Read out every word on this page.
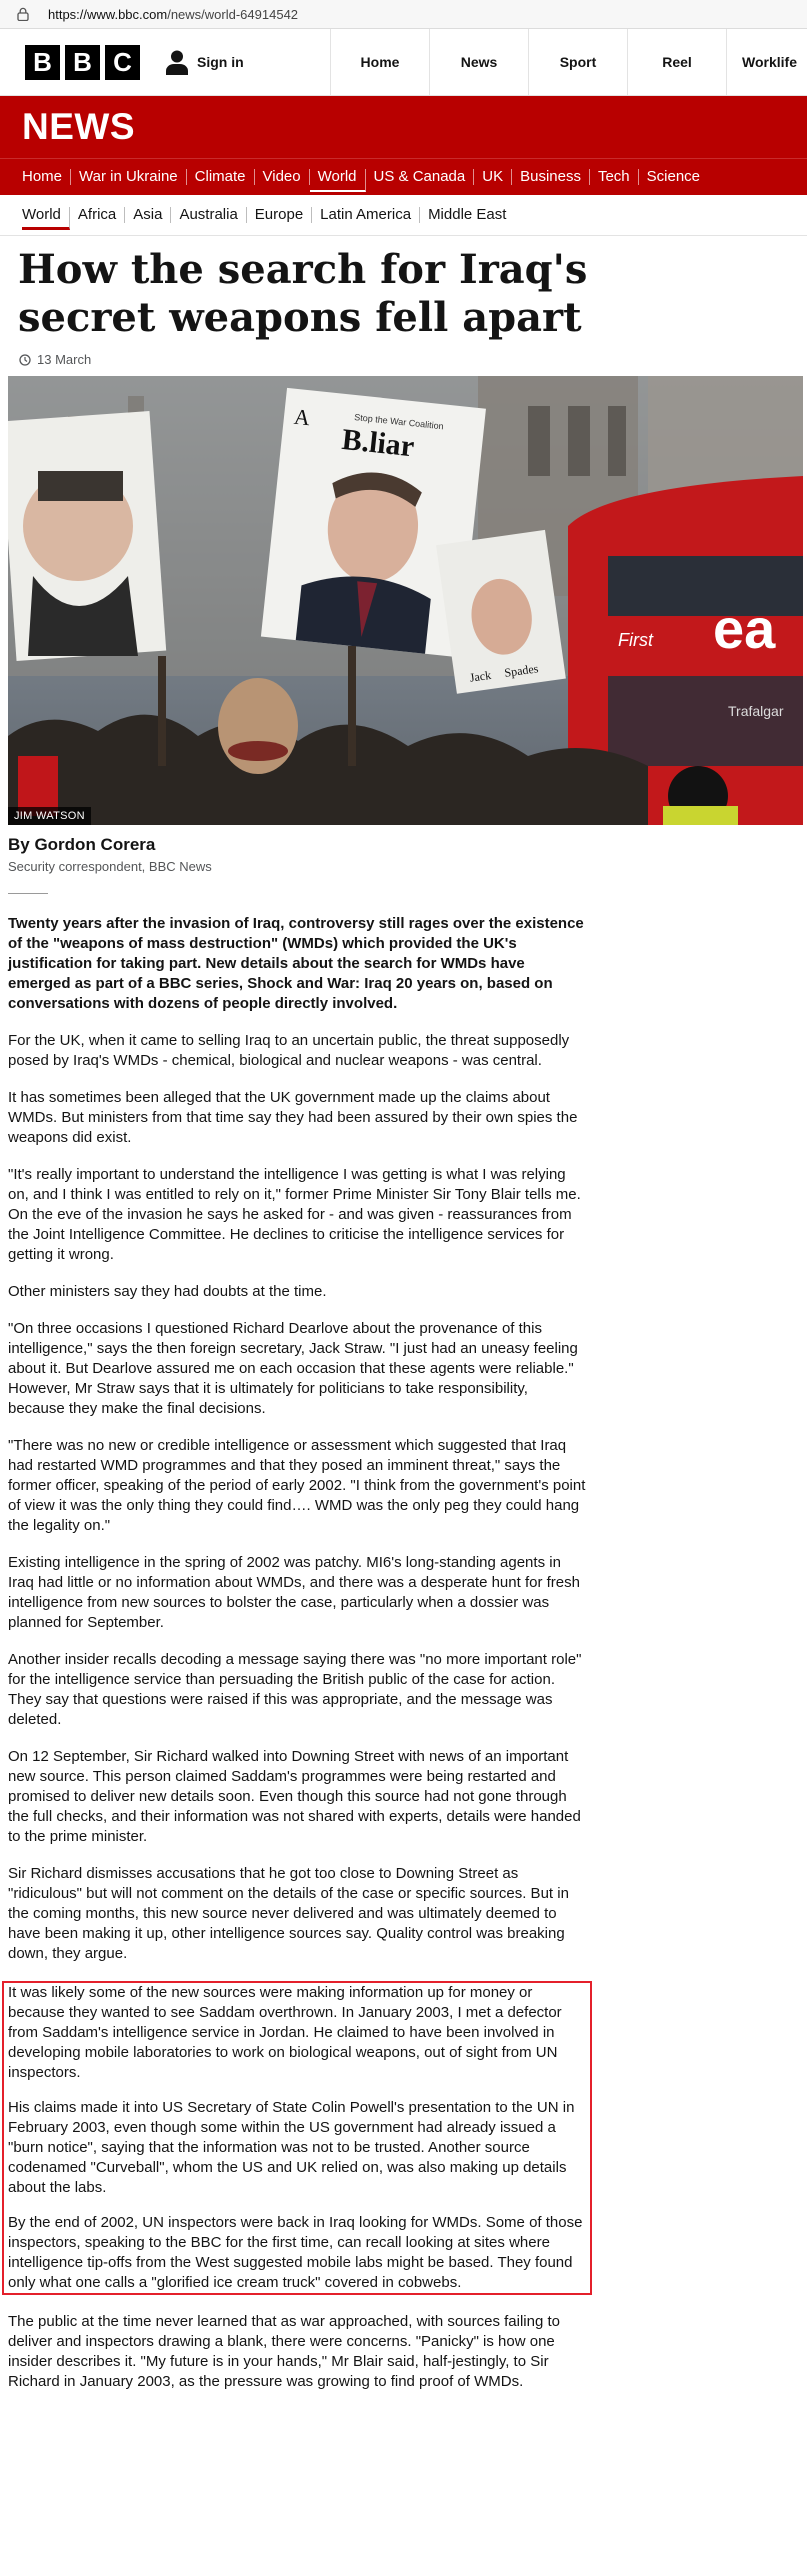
https://www.bbc.com /news/world-64914542
B B C	Sign in	Home	News	Sport	Reel	Worklife
NEWS
Home	War in Ukraine	Climate	Video	World	US & Canada	UK	Business	Tech	Science
World	Africa	Asia	Australia	Europe	Latin America	Middle East
How the search for Iraq's secret weapons fell apart
13 March
Stop the War Coalition
B.liar
A
Jack Spades
First ea
Trafalgar
JIM WATSON
By Gordon Corera
Security correspondent, BBC News

Twenty years after the invasion of Iraq, controversy still rages over the existence of the "weapons of mass destruction" (WMDs) which provided the UK's justification for taking part. New details about the search for WMDs have emerged as part of a BBC series, Shock and War: Iraq 20 years on, based on conversations with dozens of people directly involved.

For the UK, when it came to selling Iraq to an uncertain public, the threat supposedly posed by Iraq's WMDs - chemical, biological and nuclear weapons - was central.

It has sometimes been alleged that the UK government made up the claims about WMDs. But ministers from that time say they had been assured by their own spies the weapons did exist.

"It's really important to understand the intelligence I was getting is what I was relying on, and I think I was entitled to rely on it," former Prime Minister Sir Tony Blair tells me. On the eve of the invasion he says he asked for - and was given - reassurances from the Joint Intelligence Committee. He declines to criticise the intelligence services for getting it wrong.

Other ministers say they had doubts at the time.

"On three occasions I questioned Richard Dearlove about the provenance of this intelligence," says the then foreign secretary, Jack Straw. "I just had an uneasy feeling about it. But Dearlove assured me on each occasion that these agents were reliable." However, Mr Straw says that it is ultimately for politicians to take responsibility, because they make the final decisions.

"There was no new or credible intelligence or assessment which suggested that Iraq had restarted WMD programmes and that they posed an imminent threat," says the former officer, speaking of the period of early 2002. "I think from the government's point of view it was the only thing they could find…. WMD was the only peg they could hang the legality on."

Existing intelligence in the spring of 2002 was patchy. MI6's long-standing agents in Iraq had little or no information about WMDs, and there was a desperate hunt for fresh intelligence from new sources to bolster the case, particularly when a dossier was planned for September.

Another insider recalls decoding a message saying there was "no more important role" for the intelligence service than persuading the British public of the case for action. They say that questions were raised if this was appropriate, and the message was deleted.

On 12 September, Sir Richard walked into Downing Street with news of an important new source. This person claimed Saddam's programmes were being restarted and promised to deliver new details soon. Even though this source had not gone through the full checks, and their information was not shared with experts, details were handed to the prime minister.

Sir Richard dismisses accusations that he got too close to Downing Street as "ridiculous" but will not comment on the details of the case or specific sources. But in the coming months, this new source never delivered and was ultimately deemed to have been making it up, other intelligence sources say. Quality control was breaking down, they argue.

It was likely some of the new sources were making information up for money or because they wanted to see Saddam overthrown. In January 2003, I met a defector from Saddam's intelligence service in Jordan. He claimed to have been involved in developing mobile laboratories to work on biological weapons, out of sight from UN inspectors.

His claims made it into US Secretary of State Colin Powell's presentation to the UN in February 2003, even though some within the US government had already issued a "burn notice", saying that the information was not to be trusted. Another source codenamed "Curveball", whom the US and UK relied on, was also making up details about the labs.

By the end of 2002, UN inspectors were back in Iraq looking for WMDs. Some of those inspectors, speaking to the BBC for the first time, can recall looking at sites where intelligence tip-offs from the West suggested mobile labs might be based. They found only what one calls a "glorified ice cream truck" covered in cobwebs.

The public at the time never learned that as war approached, with sources failing to deliver and inspectors drawing a blank, there were concerns. "Panicky" is how one insider describes it. "My future is in your hands," Mr Blair said, half-jestingly, to Sir Richard in January 2003, as the pressure was growing to find proof of WMDs.
